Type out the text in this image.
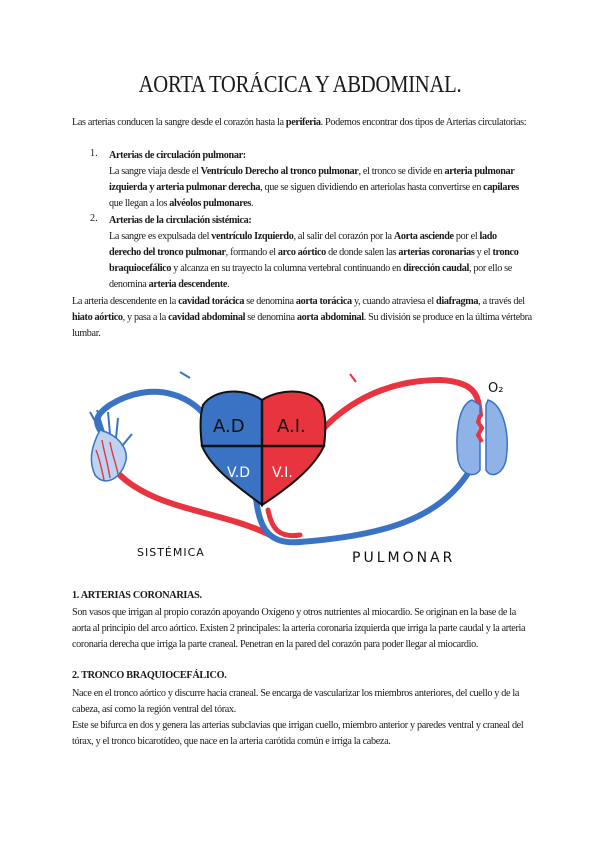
AORTA TORÁCICA Y ABDOMINAL.
Las arterias conducen la sangre desde el corazón hasta la periferia. Podemos encontrar dos tipos de Arterias circulatorias:
1. Arterias de circulación pulmonar:
La sangre viaja desde el Ventrículo Derecho al tronco pulmonar, el tronco se divide en arteria pulmonar izquierda y arteria pulmonar derecha, que se siguen dividiendo en arteriolas hasta convertirse en capilares que llegan a los alvéolos pulmonares.
2. Arterias de la circulación sistémica:
La sangre es expulsada del ventrículo Izquierdo, al salir del corazón por la Aorta asciende por el lado derecho del tronco pulmonar, formando el arco aórtico de donde salen las arterias coronarias y el tronco braquiocefálico y alcanza en su trayecto la columna vertebral continuando en dirección caudal, por ello se denomina arteria descendente.
La arteria descendente en la cavidad torácica se denomina aorta torácica y, cuando atraviesa el diafragma, a través del hiato aórtico, y pasa a la cavidad abdominal se denomina aorta abdominal. Su división se produce en la última vértebra lumbar.
A.D A.I.
V.D V.I.
O₂
SISTÉMICA	PULMONAR
1. ARTERIAS CORONARIAS.
Son vasos que irrigan al propio corazón apoyando Oxígeno y otros nutrientes al miocardio. Se originan en la base de la aorta al principio del arco aórtico. Existen 2 principales: la arteria coronaria izquierda que irriga la parte caudal y la arteria coronaria derecha que irriga la parte craneal. Penetran en la pared del corazón para poder llegar al miocardio.
2. TRONCO BRAQUIOCEFÁLICO.
Nace en el tronco aórtico y discurre hacia craneal. Se encarga de vascularizar los miembros anteriores, del cuello y de la cabeza, así como la región ventral del tórax.
Este se bifurca en dos y genera las arterias subclavias que irrigan cuello, miembro anterior y paredes ventral y craneal del tórax, y el tronco bicarotídeo, que nace en la arteria carótida común e irriga la cabeza.
